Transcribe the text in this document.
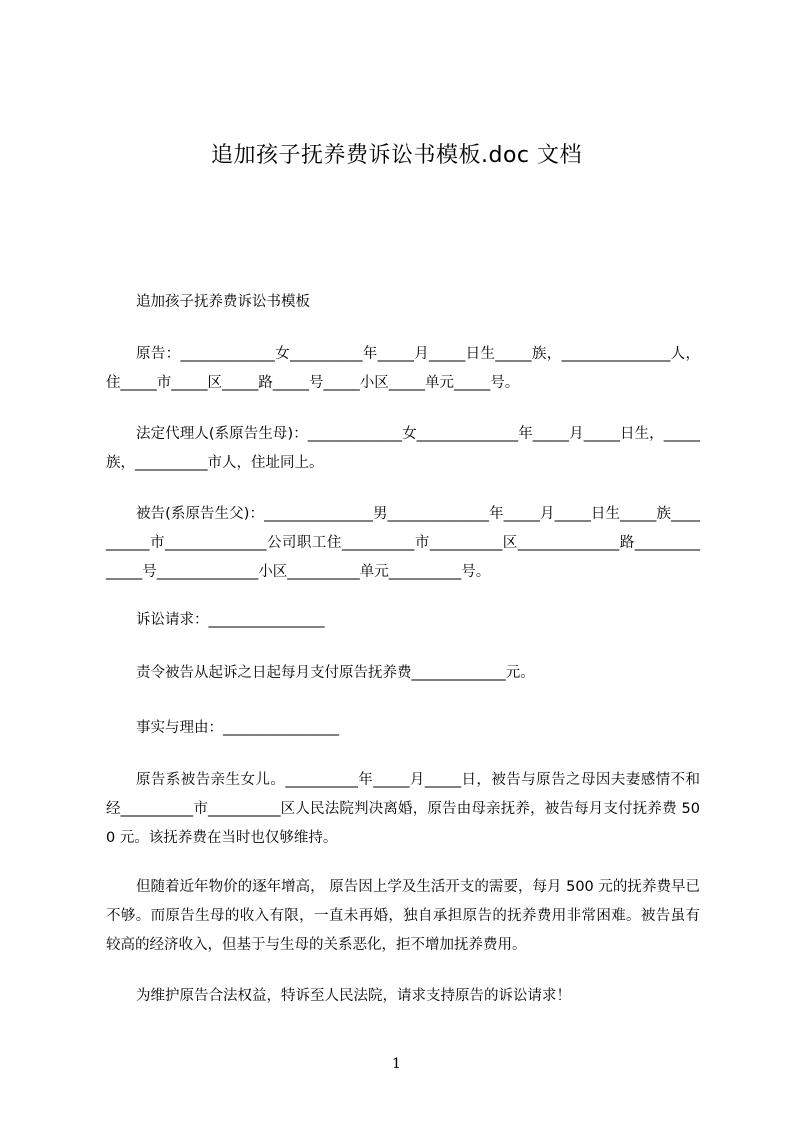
追加孩子抚养费诉讼书模板.doc 文档
追加孩子抚养费诉讼书模板
原告：_____________女__________年_____月_____日生_____族，_______________人，住_____市_____区_____路_____号_____小区_____单元_____号。
法定代理人(系原告生母)：_____________女______________年_____月_____日生，_____族，__________市人，住址同上。
被告(系原告生父)：_______________男______________年_____月_____日生_____族__________市______________公司职工住__________市__________区______________路______________号______________小区__________单元__________号。
诉讼请求：________________
责令被告从起诉之日起每月支付原告抚养费_____________元。
事实与理由：________________
原告系被告亲生女儿。__________年_____月_____日，被告与原告之母因夫妻感情不和经__________市__________区人民法院判决离婚，原告由母亲抚养，被告每月支付抚养费 500 元。该抚养费在当时也仅够维持。
但随着近年物价的逐年增高， 原告因上学及生活开支的需要，每月 500 元的抚养费早已不够。而原告生母的收入有限，一直未再婚，独自承担原告的抚养费用非常困难。被告虽有较高的经济收入，但基于与生母的关系恶化，拒不增加抚养费用。
为维护原告合法权益，特诉至人民法院，请求支持原告的诉讼请求！
1
